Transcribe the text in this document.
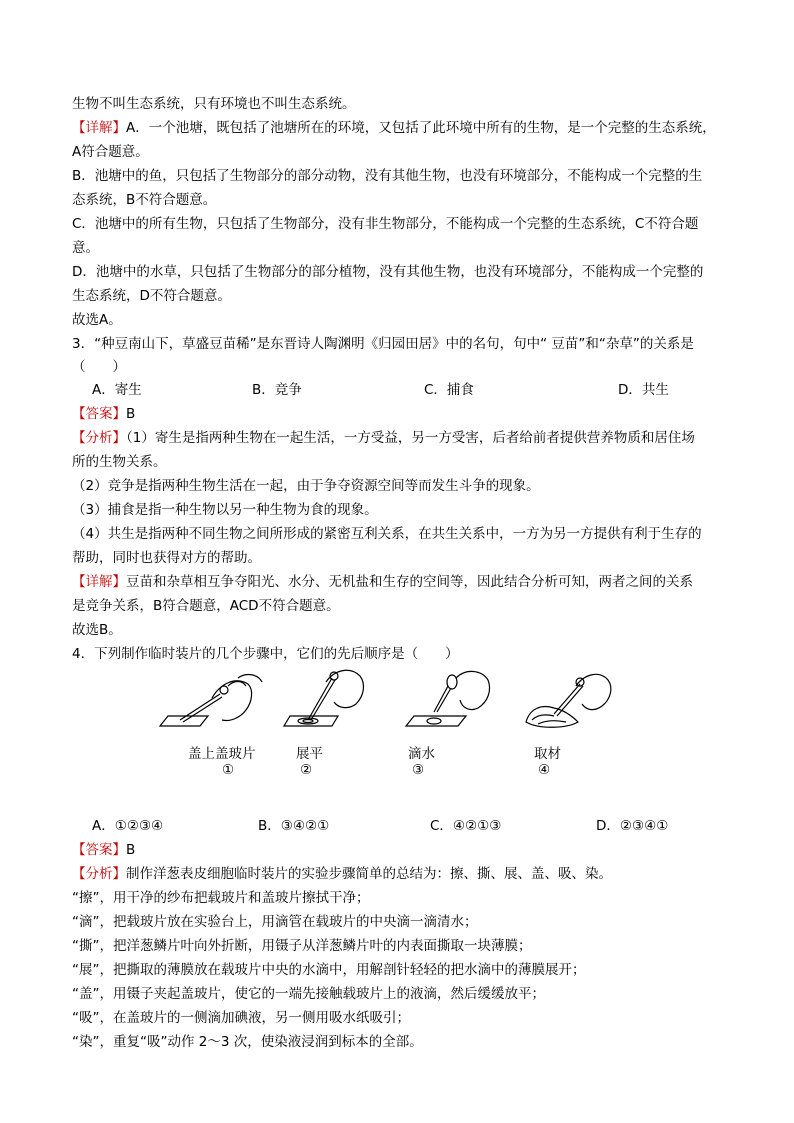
生物不叫生态系统，只有环境也不叫生态系统。
【详解】A．一个池塘，既包括了池塘所在的环境，又包括了此环境中所有的生物，是一个完整的生态系统，
A符合题意。
B．池塘中的鱼，只包括了生物部分的部分动物，没有其他生物，也没有环境部分，不能构成一个完整的生
态系统，B不符合题意。
C．池塘中的所有生物，只包括了生物部分，没有非生物部分，不能构成一个完整的生态系统，C不符合题
意。
D．池塘中的水草，只包括了生物部分的部分植物，没有其他生物，也没有环境部分，不能构成一个完整的
生态系统，D不符合题意。
故选A。
3．“种豆南山下，草盛豆苗稀”是东晋诗人陶渊明《归园田居》中的名句，句中“ 豆苗”和“杂草”的关系是
（　　）
A．寄生	B．竞争	C．捕食	D．共生
【答案】B
【分析】（1）寄生是指两种生物在一起生活，一方受益，另一方受害，后者给前者提供营养物质和居住场
所的生物关系。
（2）竞争是指两种生物生活在一起，由于争夺资源空间等而发生斗争的现象。
（3）捕食是指一种生物以另一种生物为食的现象。
（4）共生是指两种不同生物之间所形成的紧密互利关系，在共生关系中，一方为另一方提供有利于生存的
帮助，同时也获得对方的帮助。
【详解】豆苗和杂草相互争夺阳光、水分、无机盐和生存的空间等，因此结合分析可知，两者之间的关系
是竞争关系，B符合题意，ACD不符合题意。
故选B。
4．下列制作临时装片的几个步骤中，它们的先后顺序是（　　）
盖上盖玻片
①
展平
②
滴水
③
取材
④
A．①②③④	B．③④②①	C．④②①③	D．②③④①
【答案】B
【分析】制作洋葱表皮细胞临时装片的实验步骤简单的总结为：擦、撕、展、盖、吸、染。
“擦”，用干净的纱布把载玻片和盖玻片擦拭干净；
“滴”，把载玻片放在实验台上，用滴管在载玻片的中央滴一滴清水；
“撕”，把洋葱鳞片叶向外折断，用镊子从洋葱鳞片叶的内表面撕取一块薄膜；
“展”，把撕取的薄膜放在载玻片中央的水滴中，用解剖针轻轻的把水滴中的薄膜展开；
“盖”，用镊子夹起盖玻片，使它的一端先接触载玻片上的液滴，然后缓缓放平；
“吸”，在盖玻片的一侧滴加碘液，另一侧用吸水纸吸引；
“染”，重复“吸”动作 2～3 次，使染液浸润到标本的全部。
